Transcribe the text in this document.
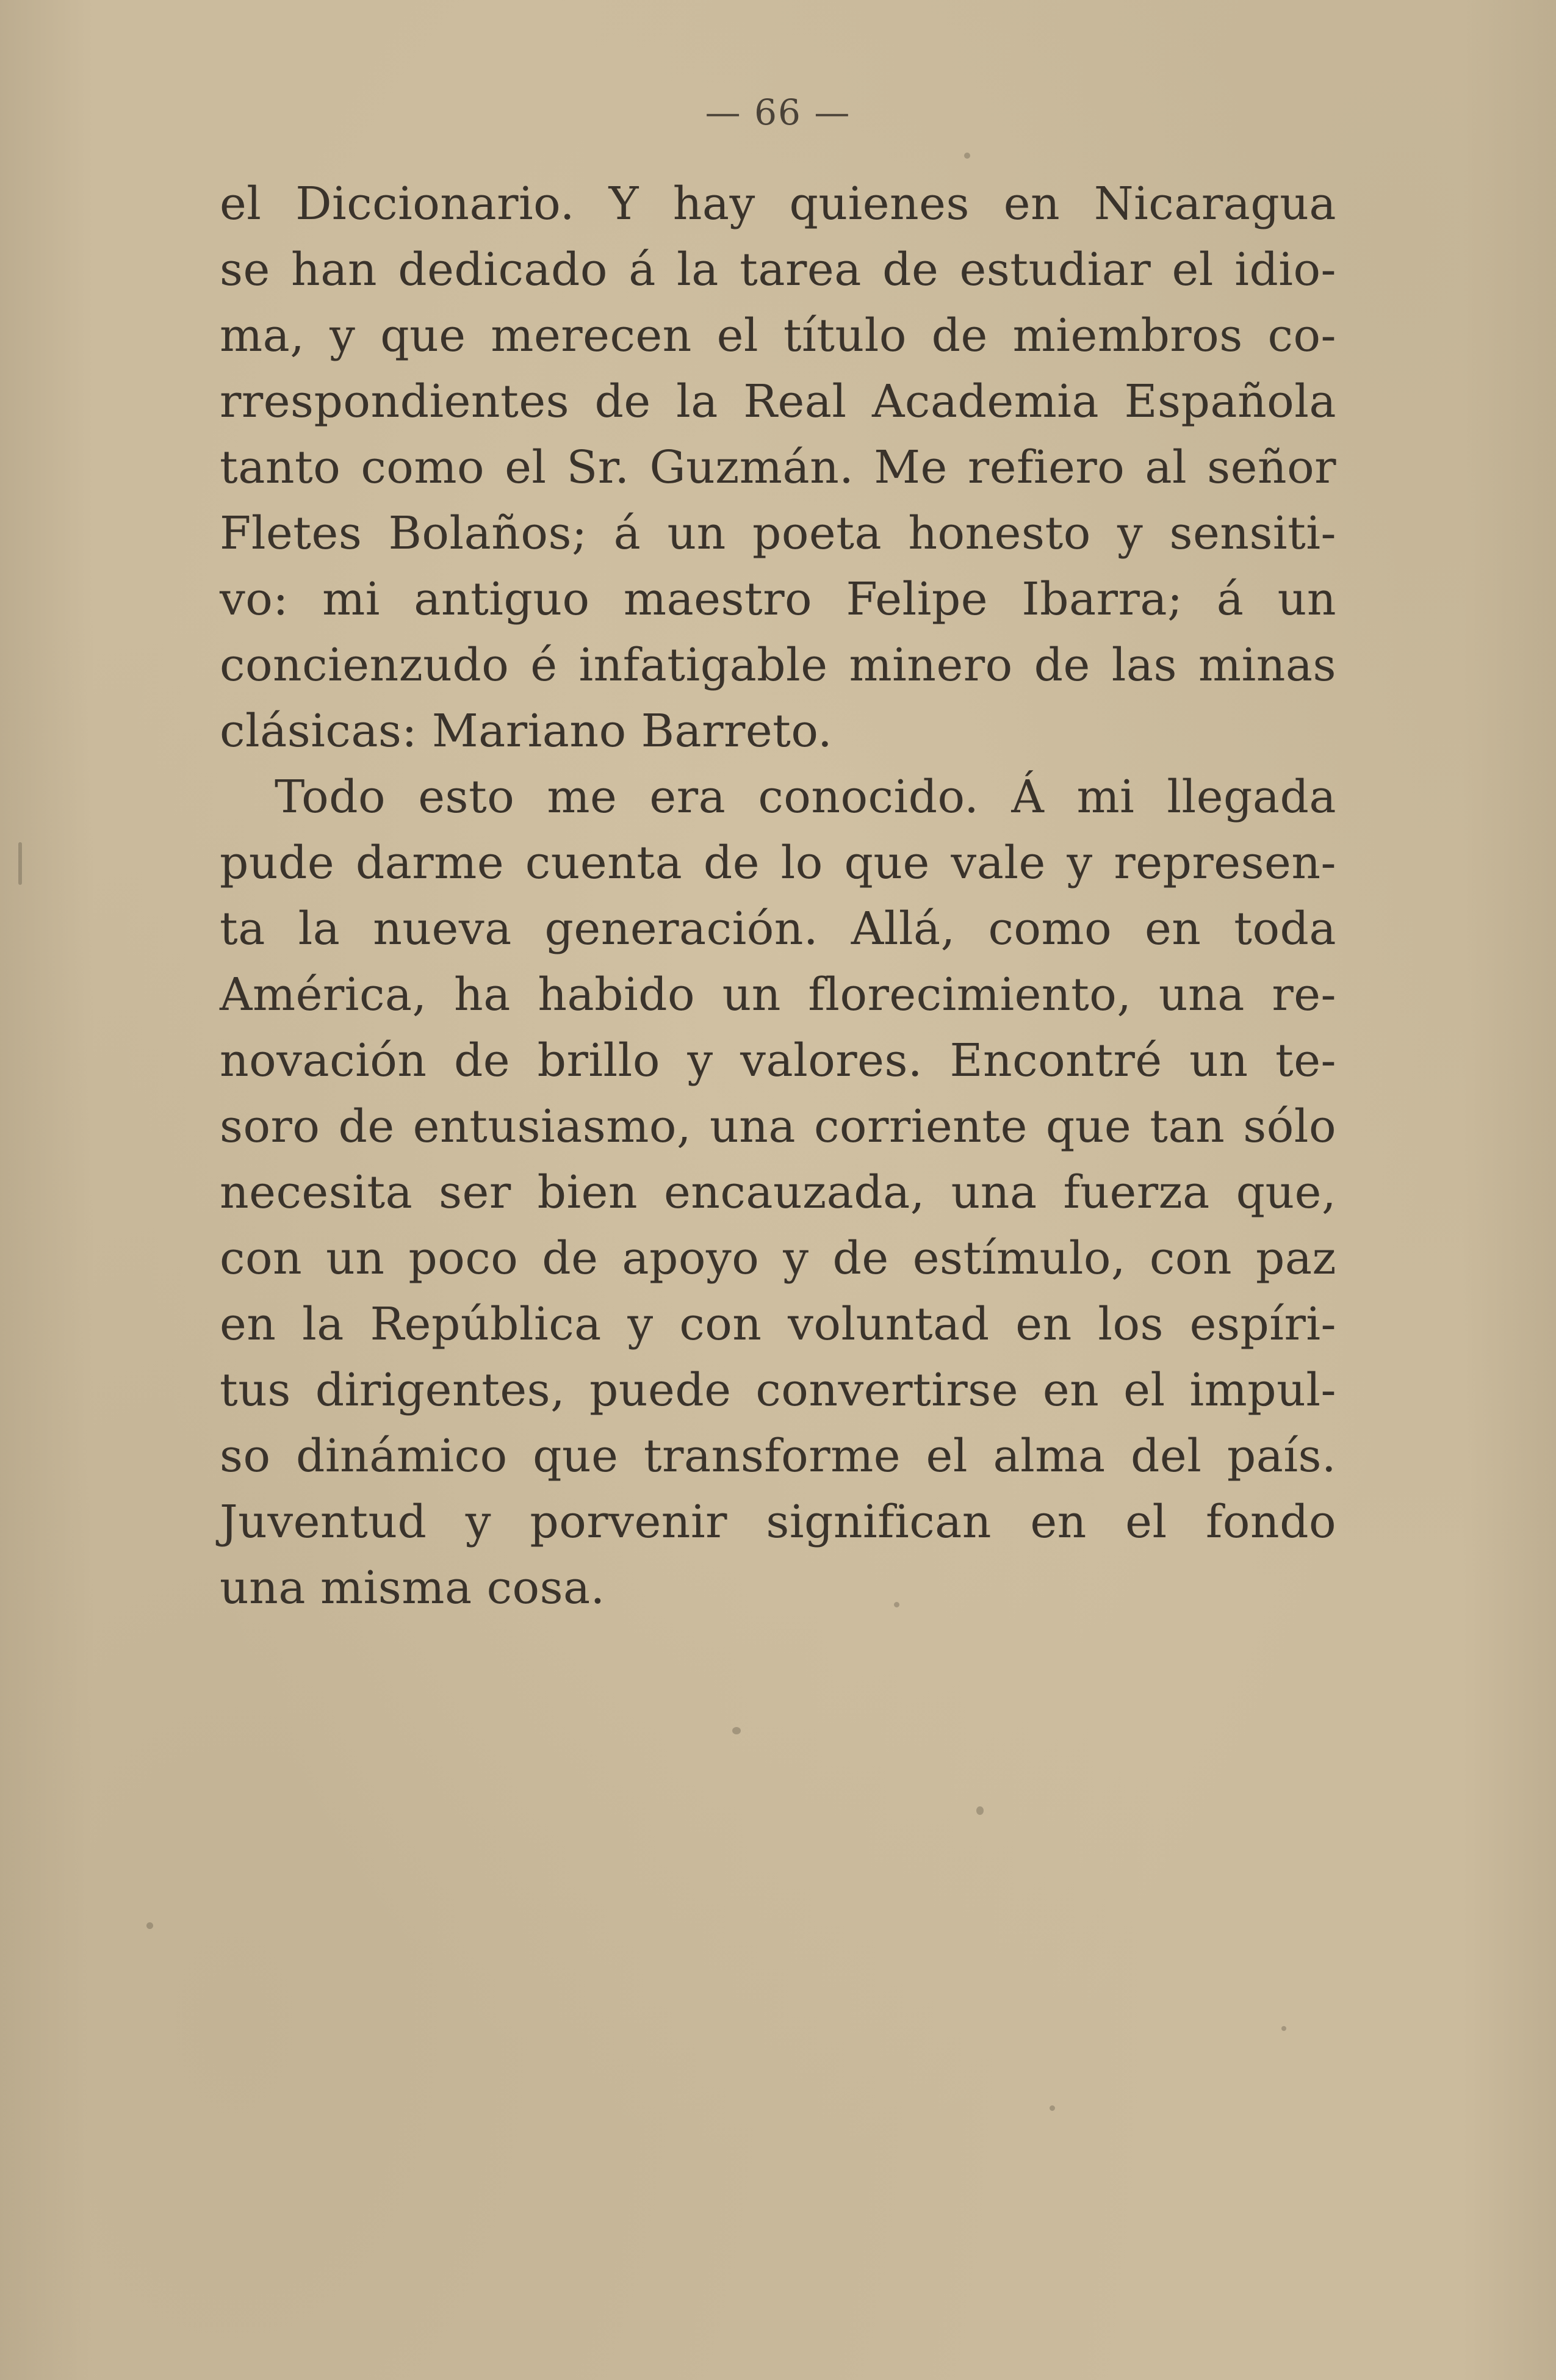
— 66 —
el Diccionario. Y hay quienes en Nicaragua
se han dedicado á la tarea de estudiar el idio-
ma, y que merecen el título de miembros co-
rrespondientes de la Real Academia Española
tanto como el Sr. Guzmán. Me refiero al señor
Fletes Bolaños; á un poeta honesto y sensiti-
vo: mi antiguo maestro Felipe Ibarra; á un
concienzudo é infatigable minero de las minas
clásicas: Mariano Barreto.
Todo esto me era conocido. Á mi llegada
pude darme cuenta de lo que vale y represen-
ta la nueva generación. Allá, como en toda
América, ha habido un florecimiento, una re-
novación de brillo y valores. Encontré un te-
soro de entusiasmo, una corriente que tan sólo
necesita ser bien encauzada, una fuerza que,
con un poco de apoyo y de estímulo, con paz
en la República y con voluntad en los espíri-
tus dirigentes, puede convertirse en el impul-
so dinámico que transforme el alma del país.
Juventud y porvenir significan en el fondo
una misma cosa.
